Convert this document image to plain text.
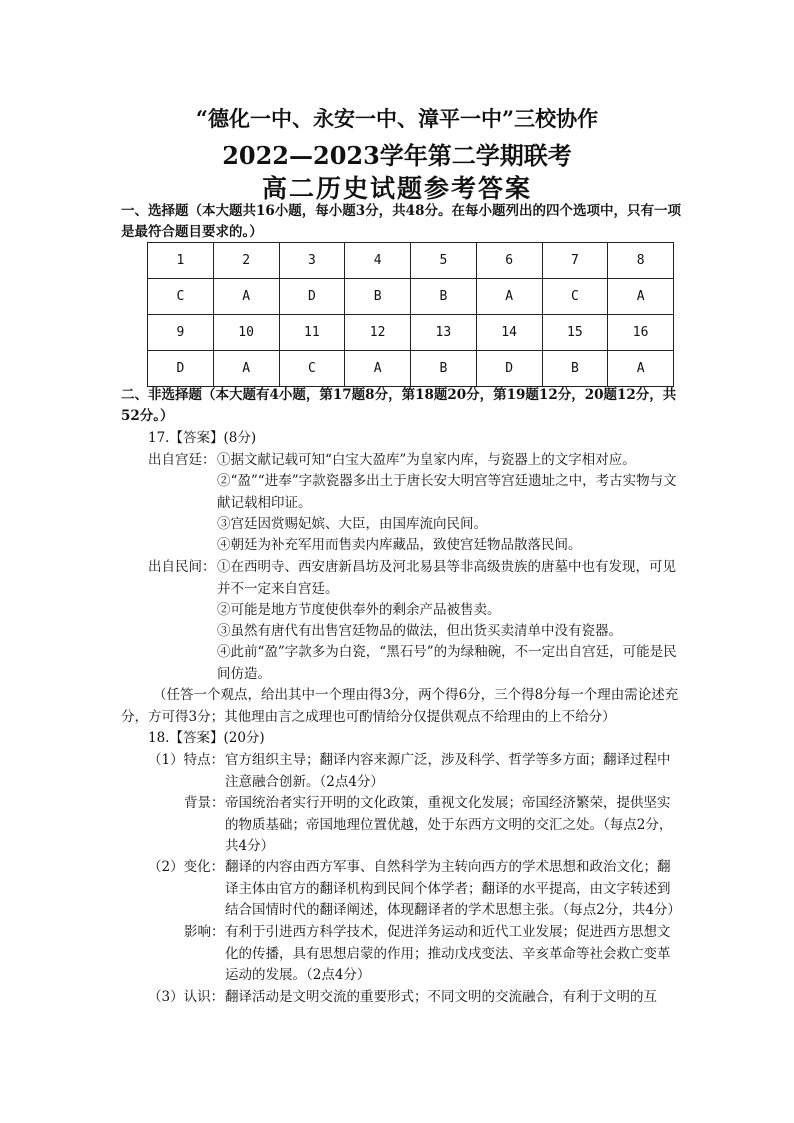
“德化一中、永安一中、漳平一中”三校协作
2022—2023学年第二学期联考
高二历史试题参考答案
一、选择题（本大题共16小题，每小题3分，共48分。在每小题列出的四个选项中，只有一项是最符合题目要求的。）
1	2	3	4	5	6	7	8
C	A	D	B	B	A	C	A
9	10	11	12	13	14	15	16
D	A	C	A	B	D	B	A
二、非选择题（本大题有4小题，第17题8分，第18题20分，第19题12分，20题12分，共52分。）
17.【答案】(8分)
出自宫廷： ①据文献记载可知“白宝大盈库”为皇家内库，与瓷器上的文字相对应。
②“盈”“进奉”字款瓷器多出土于唐长安大明宫等宫廷遗址之中，考古实物与文献记载相印证。
③宫廷因赏赐妃嫔、大臣，由国库流向民间。
④朝廷为补充军用而售卖内库藏品，致使宫廷物品散落民间。
出自民间： ①在西明寺、西安唐新昌坊及河北易县等非高级贵族的唐墓中也有发现，可见并不一定来自宫廷。
②可能是地方节度使供奉外的剩余产品被售卖。
③虽然有唐代有出售宫廷物品的做法，但出货买卖清单中没有瓷器。
④此前“盈”字款多为白瓷，“黑石号”的为绿釉碗，不一定出自宫廷，可能是民间仿造。
（任答一个观点，给出其中一个理由得3分，两个得6分，三个得8分每一个理由需论述充分，方可得3分；其他理由言之成理也可酌情给分仅提供观点不给理由的上不给分）
18.【答案】(20分)
（1）特点： 官方组织主导；翻译内容来源广泛，涉及科学、哲学等多方面；翻译过程中注意融合创新。（2点4分）
背景： 帝国统治者实行开明的文化政策，重视文化发展；帝国经济繁荣，提供坚实的物质基础；帝国地理位置优越，处于东西方文明的交汇之处。（每点2分，共4分）
（2）变化： 翻译的内容由西方军事、自然科学为主转向西方的学术思想和政治文化；翻译主体由官方的翻译机构到民间个体学者；翻译的水平提高，由文字转述到结合国情时代的翻译阐述，体现翻译者的学术思想主张。（每点2分，共4分）
影响： 有利于引进西方科学技术，促进洋务运动和近代工业发展；促进西方思想文化的传播，具有思想启蒙的作用；推动戊戌变法、辛亥革命等社会救亡变革运动的发展。（2点4分）
（3）认识： 翻译活动是文明交流的重要形式；不同文明的交流融合，有利于文明的互
